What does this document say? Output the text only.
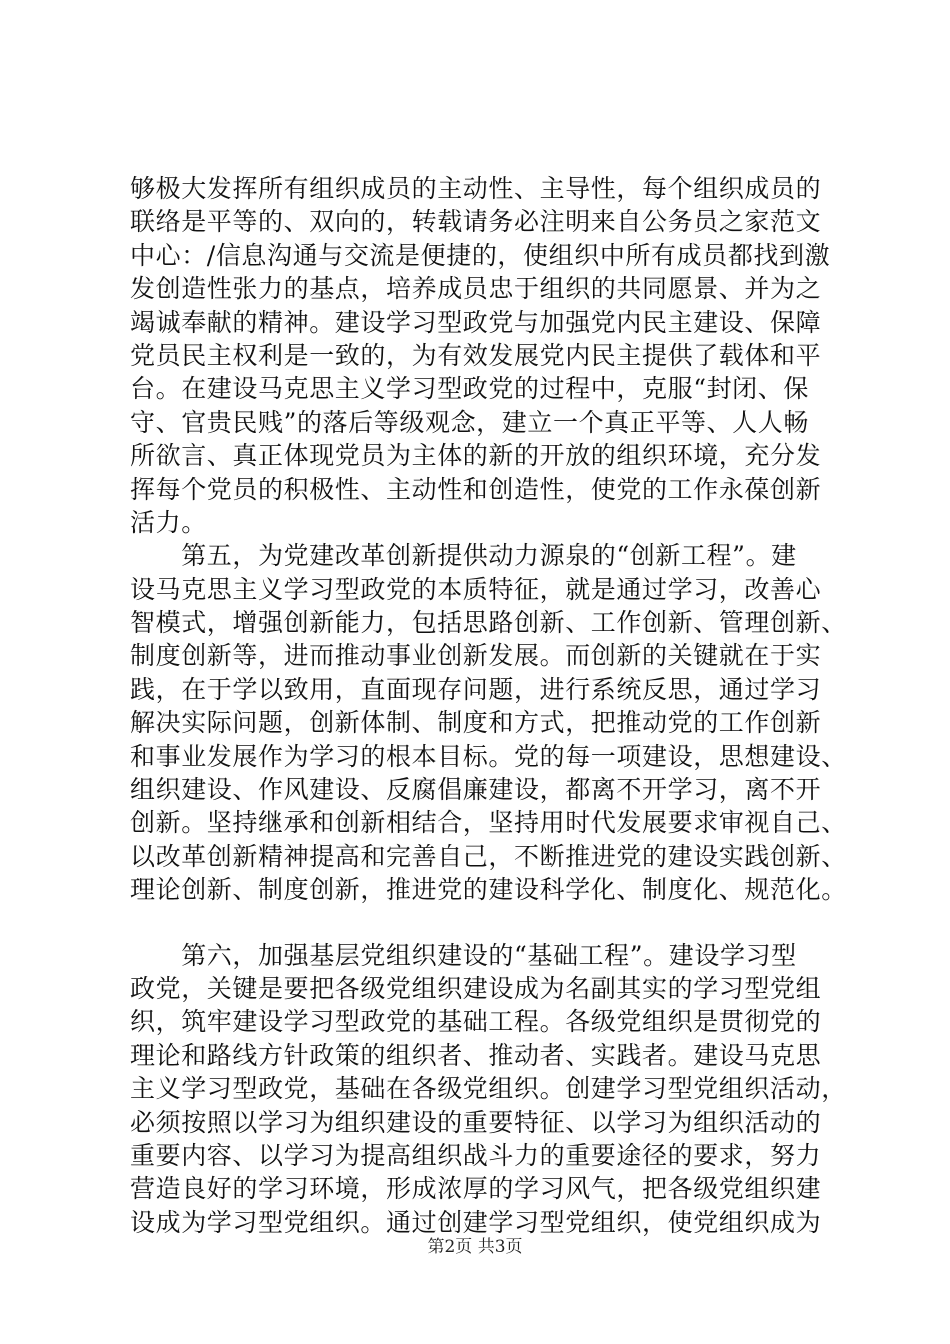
够极大发挥所有组织成员的主动性、主导性，每个组织成员的
联络是平等的、双向的，转载请务必注明来自公务员之家范文
中心：/信息沟通与交流是便捷的，使组织中所有成员都找到激
发创造性张力的基点，培养成员忠于组织的共同愿景、并为之
竭诚奉献的精神。建设学习型政党与加强党内民主建设、保障
党员民主权利是一致的，为有效发展党内民主提供了载体和平
台。在建设马克思主义学习型政党的过程中，克服“封闭、保
守、官贵民贱”的落后等级观念，建立一个真正平等、人人畅
所欲言、真正体现党员为主体的新的开放的组织环境，充分发
挥每个党员的积极性、主动性和创造性，使党的工作永葆创新
活力。
　　第五，为党建改革创新提供动力源泉的“创新工程”。建
设马克思主义学习型政党的本质特征，就是通过学习，改善心
智模式，增强创新能力，包括思路创新、工作创新、管理创新、
制度创新等，进而推动事业创新发展。而创新的关键就在于实
践，在于学以致用，直面现存问题，进行系统反思，通过学习
解决实际问题，创新体制、制度和方式，把推动党的工作创新
和事业发展作为学习的根本目标。党的每一项建设，思想建设、
组织建设、作风建设、反腐倡廉建设，都离不开学习，离不开
创新。坚持继承和创新相结合，坚持用时代发展要求审视自己、
以改革创新精神提高和完善自己，不断推进党的建设实践创新、
理论创新、制度创新，推进党的建设科学化、制度化、规范化。
　　第六，加强基层党组织建设的“基础工程”。建设学习型
政党，关键是要把各级党组织建设成为名副其实的学习型党组
织，筑牢建设学习型政党的基础工程。各级党组织是贯彻党的
理论和路线方针政策的组织者、推动者、实践者。建设马克思
主义学习型政党，基础在各级党组织。创建学习型党组织活动，
必须按照以学习为组织建设的重要特征、以学习为组织活动的
重要内容、以学习为提高组织战斗力的重要途径的要求，努力
营造良好的学习环境，形成浓厚的学习风气，把各级党组织建
设成为学习型党组织。通过创建学习型党组织，使党组织成为
第2页 共3页
